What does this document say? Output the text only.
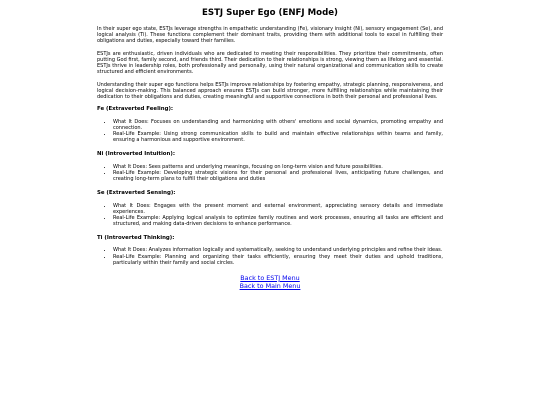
ESTJ Super Ego (ENFJ Mode)

In their super ego state, ESTJs leverage strengths in empathetic understanding (Fe), visionary insight (Ni), sensory engagement (Se), and logical analysis (Ti). These functions complement their dominant traits, providing them with additional tools to excel in fulfilling their obligations and duties, especially toward their families.

ESTJs are enthusiastic, driven individuals who are dedicated to meeting their responsibilities. They prioritize their commitments, often putting God first, family second, and friends third. Their dedication to their relationships is strong, viewing them as lifelong and essential. ESTJs thrive in leadership roles, both professionally and personally, using their natural organizational and communication skills to create structured and efficient environments.

Understanding their super ego functions helps ESTJs improve relationships by fostering empathy, strategic planning, responsiveness, and logical decision-making. This balanced approach ensures ESTJs can build stronger, more fulfilling relationships while maintaining their dedication to their obligations and duties, creating meaningful and supportive connections in both their personal and professional lives.

Fe (Extraverted Feeling):
• What It Does: Focuses on understanding and harmonizing with others' emotions and social dynamics, promoting empathy and connection.
• Real-Life Example: Using strong communication skills to build and maintain effective relationships within teams and family, ensuring a harmonious and supportive environment.
Ni (Introverted Intuition):
• What It Does: Sees patterns and underlying meanings, focusing on long-term vision and future possibilities.
• Real-Life Example: Developing strategic visions for their personal and professional lives, anticipating future challenges, and creating long-term plans to fulfill their obligations and duties
Se (Extraverted Sensing):
• What It Does: Engages with the present moment and external environment, appreciating sensory details and immediate experiences.
• Real-Life Example: Applying logical analysis to optimize family routines and work processes, ensuring all tasks are efficient and structured, and making data-driven decisions to enhance performance.
Ti (Introverted Thinking):
• What It Does: Analyzes information logically and systematically, seeking to understand underlying principles and refine their ideas.
• Real-Life Example: Planning and organizing their tasks efficiently, ensuring they meet their duties and uphold traditions, particularly within their family and social circles.
Back to ESTJ Menu
Back to Main Menu
